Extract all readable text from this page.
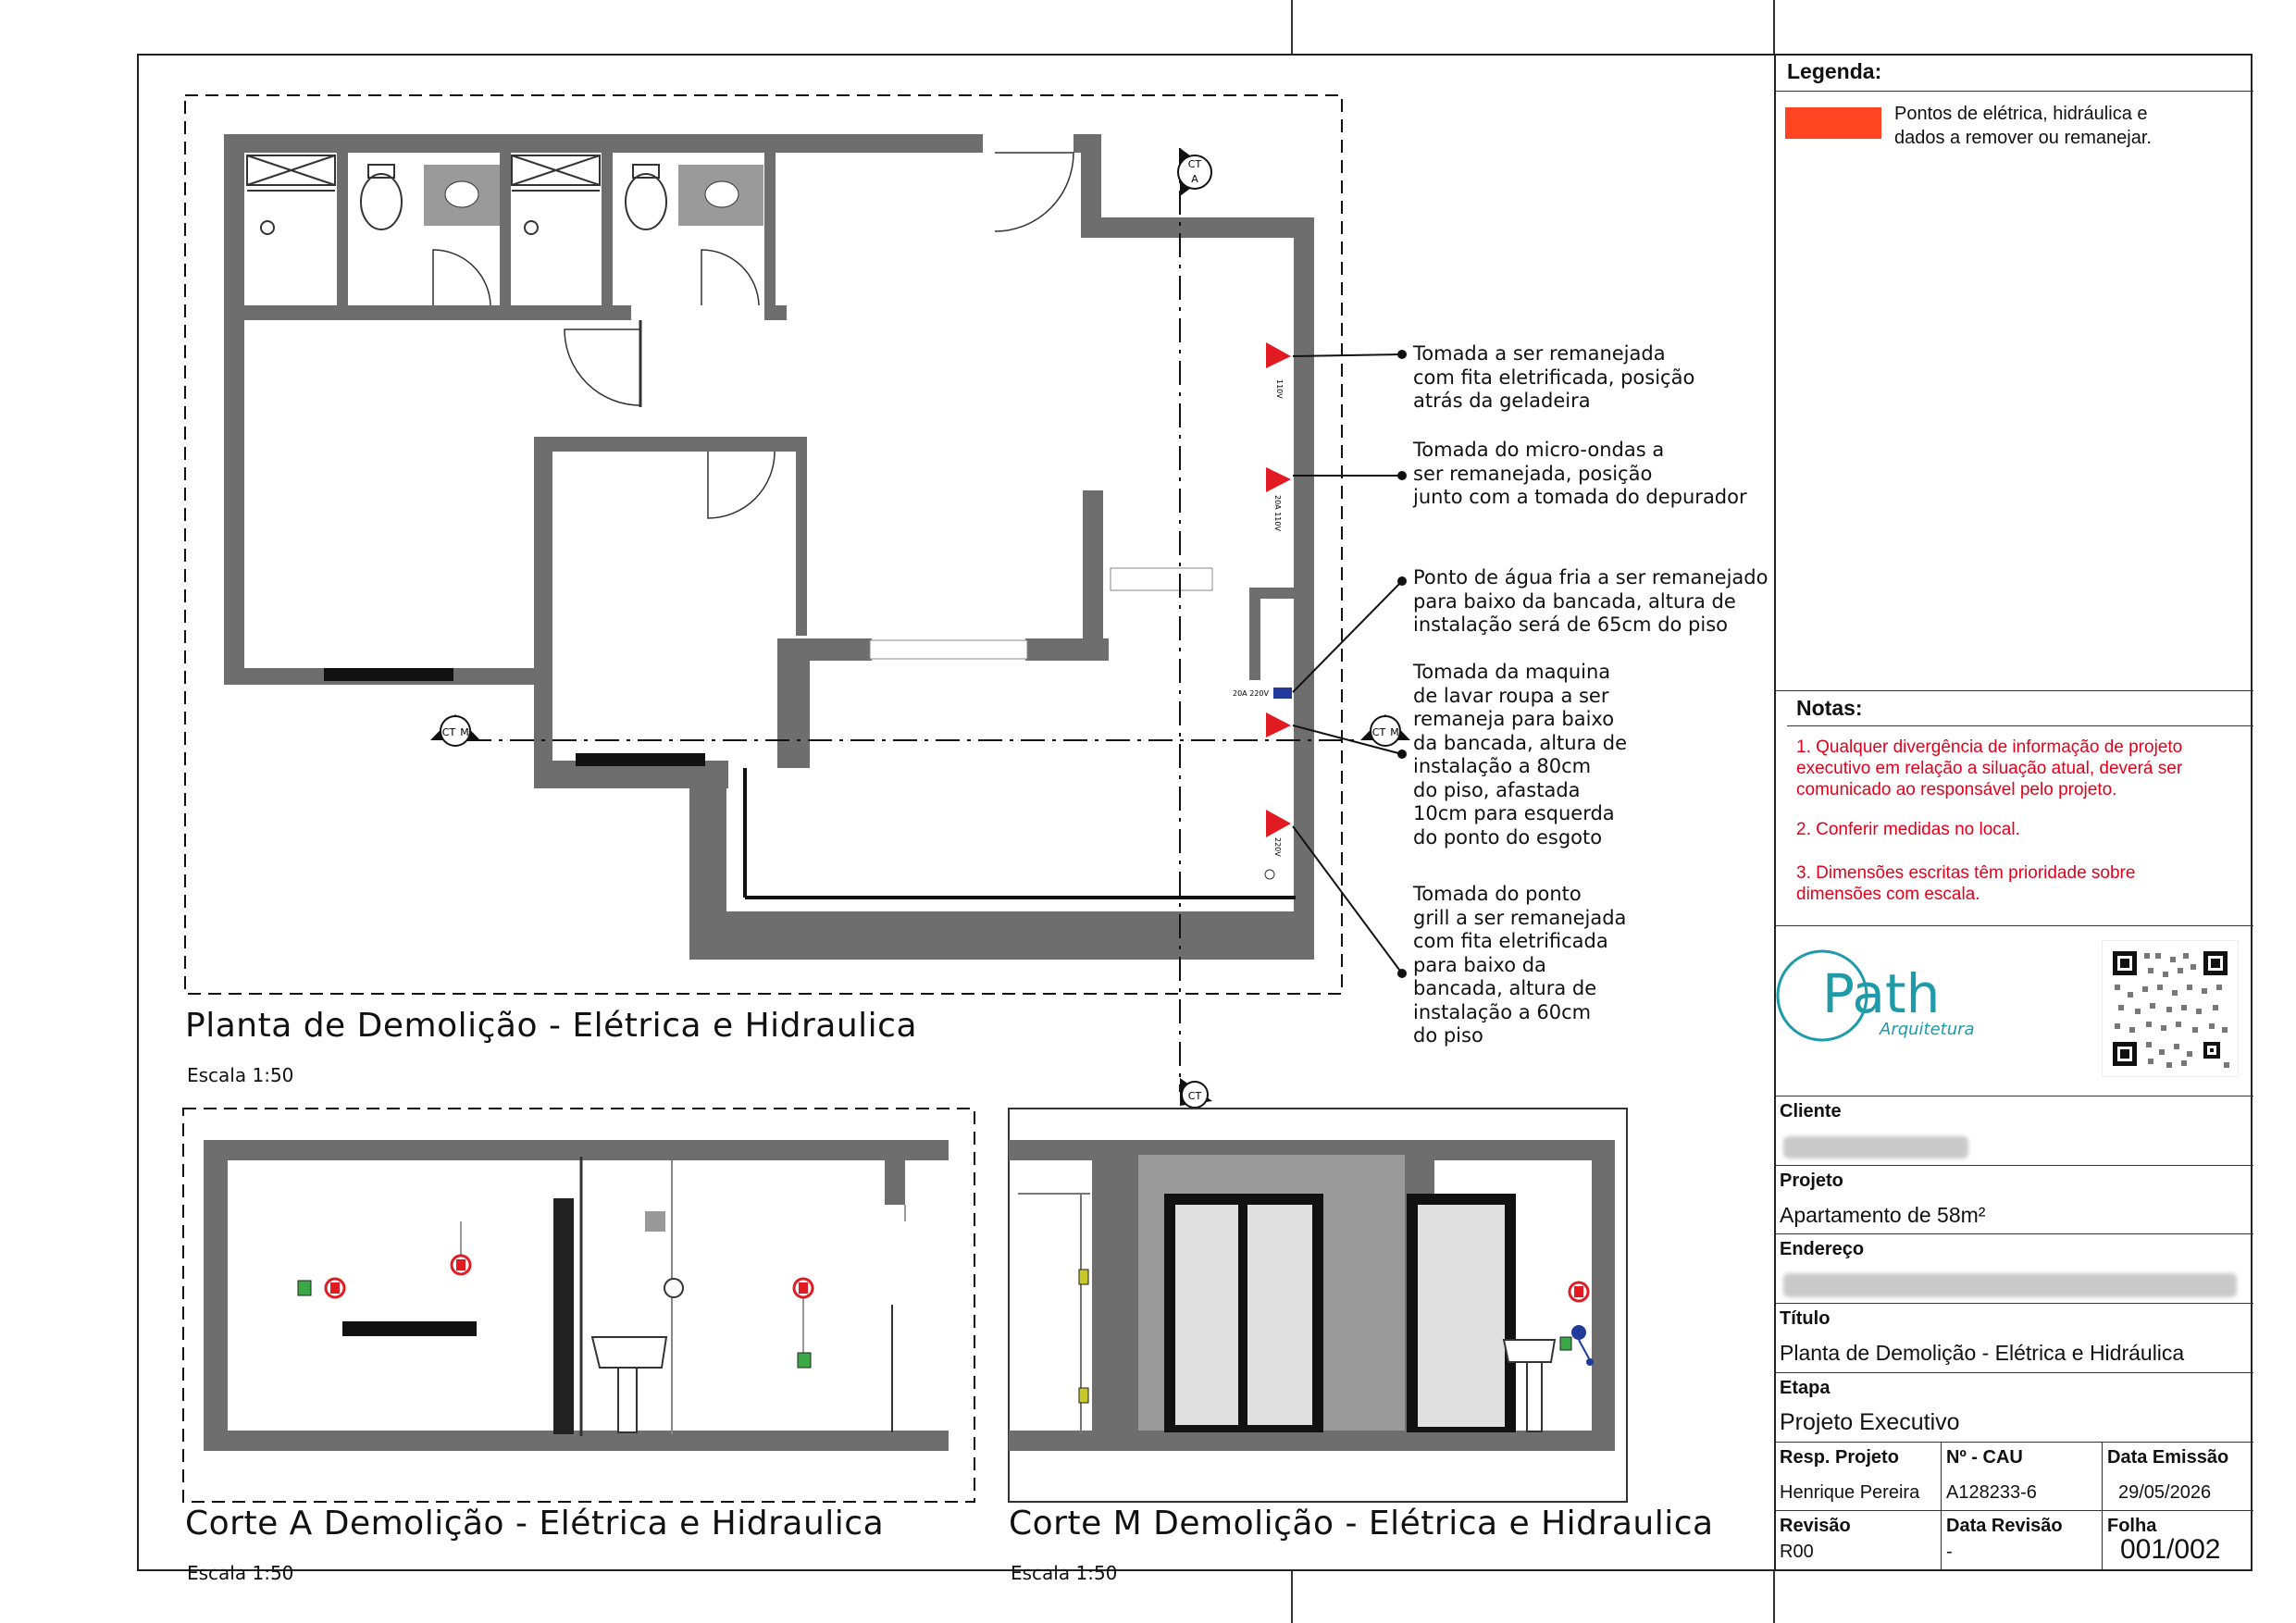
CT
A
CT
CT M	CT M
110V
20A 110V
20A 220V
220V
Tomada a ser remanejada
com fita eletrificada, posição
atrás da geladeira
Tomada do micro-ondas a
ser remanejada, posição
junto com a tomada do depurador
Ponto de água fria a ser remanejado
para baixo da bancada, altura de
instalação será de 65cm do piso
Tomada da maquina
de lavar roupa a ser
remaneja para baixo
da bancada, altura de
instalação a 80cm
do piso, afastada
10cm para esquerda
do ponto do esgoto
Tomada do ponto
grill a ser remanejada
com fita eletrificada
para baixo da
bancada, altura de
instalação a 60cm
do piso
Planta de Demolição - Elétrica e Hidraulica
Escala 1:50
Corte A Demolição - Elétrica e Hidraulica
Escala 1:50
Corte M Demolição - Elétrica e Hidraulica
Escala 1:50
Legenda:
Pontos de elétrica, hidráulica e
dados a remover ou remanejar.
Notas:
1. Qualquer divergência de informação de projeto
executivo em relação a siluação atual, deverá ser
comunicado ao responsável pelo projeto.
2. Conferir medidas no local.
3. Dimensões escritas têm prioridade sobre
dimensões com escala.
Path
Arquitetura
Cliente
Projeto
Apartamento de 58m²
Endereço
Título
Planta de Demolição - Elétrica e Hidráulica
Etapa
Projeto Executivo
Resp. Projeto
Henrique Pereira
Nº - CAU
A128233-6
Data Emissão
29/05/2026
Revisão
R00
Data Revisão
-
Folha
001/002
